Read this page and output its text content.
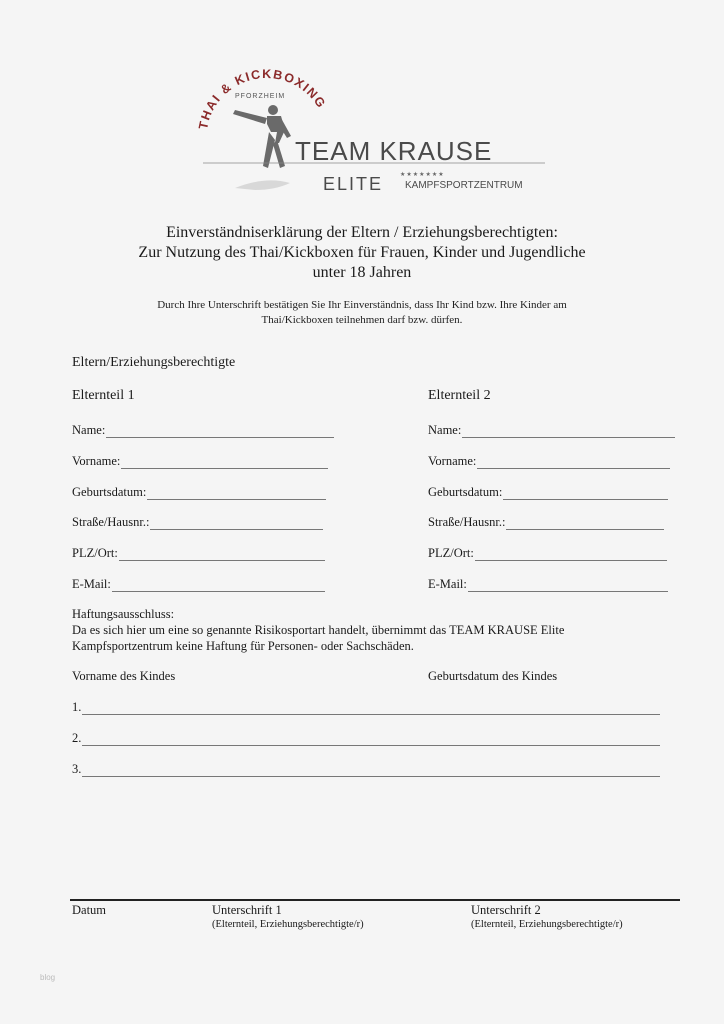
THAI & KICKBOXING
PFORZHEIM
TEAM KRAUSE
★★★★★★★
ELITE KAMPFSPORTZENTRUM
Einverständniserklärung der Eltern / Erziehungsberechtigten:
Zur Nutzung des Thai/Kickboxen für Frauen, Kinder und Jugendliche
unter 18 Jahren
Durch Ihre Unterschrift bestätigen Sie Ihr Einverständnis, dass Ihr Kind bzw. Ihre Kinder am
Thai/Kickboxen teilnehmen darf bzw. dürfen.
Eltern/Erziehungsberechtigte
Elternteil 1
Name:
Vorname:
Geburtsdatum:
Straße/Hausnr.:
PLZ/Ort:
E-Mail:
Elternteil 2
Name:
Vorname:
Geburtsdatum:
Straße/Hausnr.:
PLZ/Ort:
E-Mail:
Haftungsausschluss:
Da es sich hier um eine so genannte Risikosportart handelt, übernimmt das TEAM KRAUSE Elite
Kampfsportzentrum keine Haftung für Personen- oder Sachschäden.
Vorname des Kindes	Geburtsdatum des Kindes
1.
2.
3.
Datum	Unterschrift 1
(Elternteil, Erziehungsberechtigte/r)
Unterschrift 2
(Elternteil, Erziehungsberechtigte/r)
blog
